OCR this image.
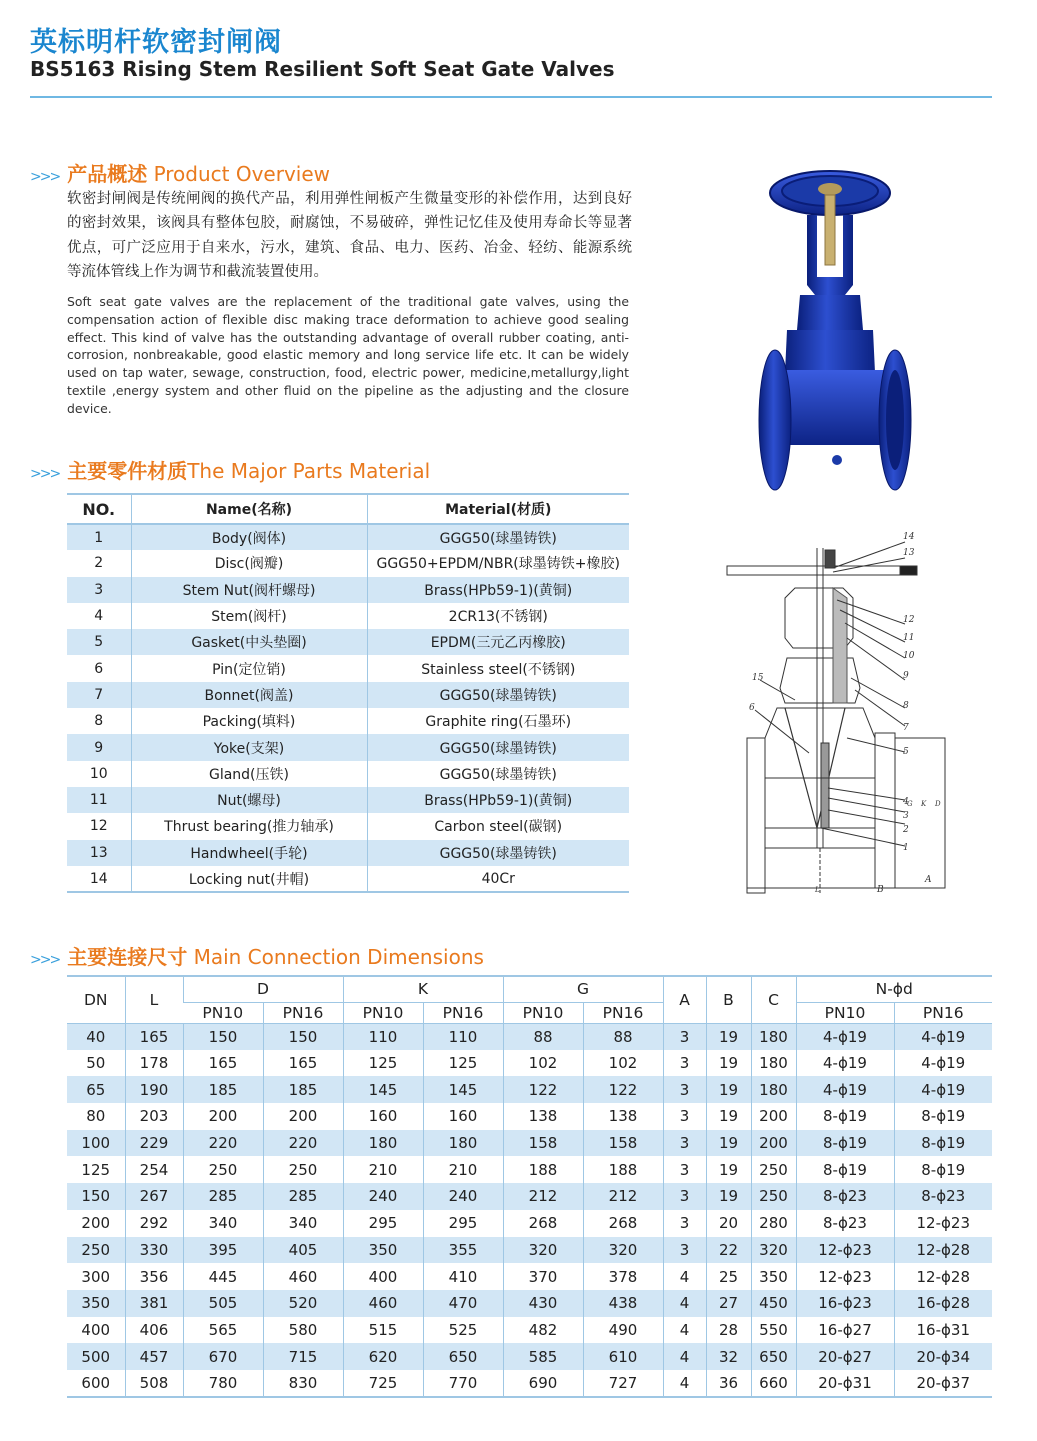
英标明杆软密封闸阀
BS5163 Rising Stem Resilient Soft Seat Gate Valves
>>> 产品概述 Product Overview
软密封闸阀是传统闸阀的换代产品，利用弹性闸板产生微量变形的补偿作用，达到良好的密封效果，该阀具有整体包胶，耐腐蚀，不易破碎，弹性记忆佳及使用寿命长等显著优点，可广泛应用于自来水，污水，建筑、食品、电力、医药、冶金、轻纺、能源系统等流体管线上作为调节和截流装置使用。
Soft seat gate valves are the replacement of the traditional gate valves, using the compensation action of flexible disc making trace deformation to achieve good sealing effect. This kind of valve has the outstanding advantage of overall rubber coating, anti-corrosion, nonbreakable, good elastic memory and long service life etc. It can be widely used on tap water, sewage, construction, food, electric power, medicine,metallurgy,light textile ,energy system and other fluid on the pipeline as the adjusting and the closure device.
>>> 主要零件材质The Major Parts Material
NO.	Name(名称)	Material(材质)
1	Body(阀体)	GGG50(球墨铸铁)
2	Disc(阀瓣)	GGG50+EPDM/NBR(球墨铸铁+橡胶)
3	Stem Nut(阀杆螺母)	Brass(HPb59-1)(黄铜)
4	Stem(阀杆)	2CR13(不锈钢)
5	Gasket(中头垫圈)	EPDM(三元乙丙橡胶)
6	Pin(定位销)	Stainless steel(不锈钢)
7	Bonnet(阀盖)	GGG50(球墨铸铁)
8	Packing(填料)	Graphite ring(石墨环)
9	Yoke(支架)	GGG50(球墨铸铁)
10	Gland(压铁)	GGG50(球墨铸铁)
11	Nut(螺母)	Brass(HPb59-1)(黄铜)
12	Thrust bearing(推力轴承)	Carbon steel(碳钢)
13	Handwheel(手轮)	GGG50(球墨铸铁)
14	Locking nut(井帽)	40Cr
14
13
12
11
10
9
8
7
6
15
5
4
3
2
1
L
A
B
G K D
>>> 主要连接尺寸 Main Connection Dimensions
DN	L	D		K		G		A	B	C	N-ϕd	
		PN10	PN16	PN10	PN16	PN10	PN16				PN10	PN16
40	165	150	150	110	110	88	88	3	19	180	4-ϕ19	4-ϕ19
50	178	165	165	125	125	102	102	3	19	180	4-ϕ19	4-ϕ19
65	190	185	185	145	145	122	122	3	19	180	4-ϕ19	4-ϕ19
80	203	200	200	160	160	138	138	3	19	200	8-ϕ19	8-ϕ19
100	229	220	220	180	180	158	158	3	19	200	8-ϕ19	8-ϕ19
125	254	250	250	210	210	188	188	3	19	250	8-ϕ19	8-ϕ19
150	267	285	285	240	240	212	212	3	19	250	8-ϕ23	8-ϕ23
200	292	340	340	295	295	268	268	3	20	280	8-ϕ23	12-ϕ23
250	330	395	405	350	355	320	320	3	22	320	12-ϕ23	12-ϕ28
300	356	445	460	400	410	370	378	4	25	350	12-ϕ23	12-ϕ28
350	381	505	520	460	470	430	438	4	27	450	16-ϕ23	16-ϕ28
400	406	565	580	515	525	482	490	4	28	550	16-ϕ27	16-ϕ31
500	457	670	715	620	650	585	610	4	32	650	20-ϕ27	20-ϕ34
600	508	780	830	725	770	690	727	4	36	660	20-ϕ31	20-ϕ37
